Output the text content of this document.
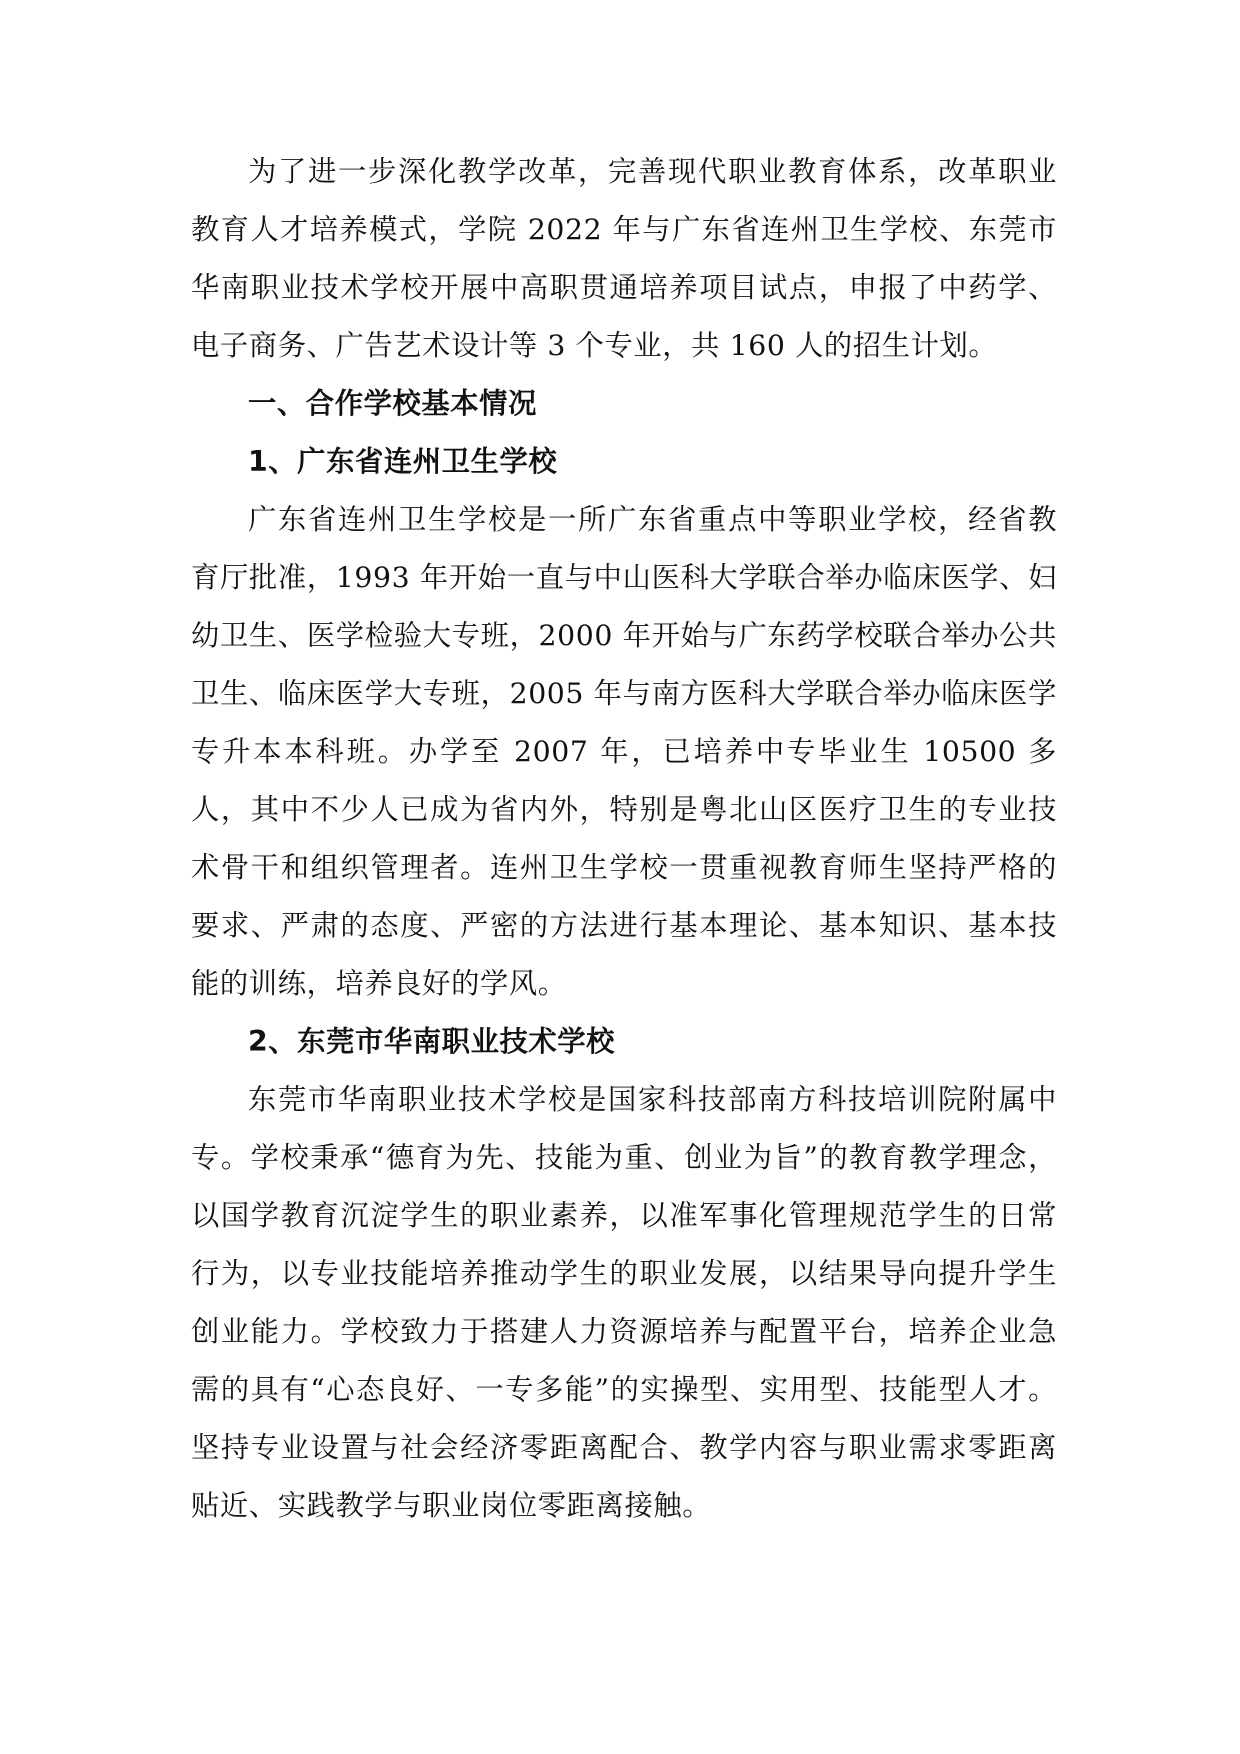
为了进一步深化教学改革，完善现代职业教育体系，改革职业教育人才培养模式，学院 2022 年与广东省连州卫生学校、东莞市华南职业技术学校开展中高职贯通培养项目试点，申报了中药学、电子商务、广告艺术设计等 3 个专业，共 160 人的招生计划。

一、合作学校基本情况

1、广东省连州卫生学校

广东省连州卫生学校是一所广东省重点中等职业学校，经省教育厅批准，1993 年开始一直与中山医科大学联合举办临床医学、妇幼卫生、医学检验大专班，2000 年开始与广东药学校联合举办公共卫生、临床医学大专班，2005 年与南方医科大学联合举办临床医学专升本本科班。办学至 2007 年，已培养中专毕业生 10500 多人，其中不少人已成为省内外，特别是粤北山区医疗卫生的专业技术骨干和组织管理者。连州卫生学校一贯重视教育师生坚持严格的要求、严肃的态度、严密的方法进行基本理论、基本知识、基本技能的训练，培养良好的学风。

2、东莞市华南职业技术学校

东莞市华南职业技术学校是国家科技部南方科技培训院附属中专。学校秉承“德育为先、技能为重、创业为旨”的教育教学理念，以国学教育沉淀学生的职业素养，以准军事化管理规范学生的日常行为，以专业技能培养推动学生的职业发展，以结果导向提升学生创业能力。学校致力于搭建人力资源培养与配置平台，培养企业急需的具有“心态良好、一专多能”的实操型、实用型、技能型人才。坚持专业设置与社会经济零距离配合、教学内容与职业需求零距离贴近、实践教学与职业岗位零距离接触。
